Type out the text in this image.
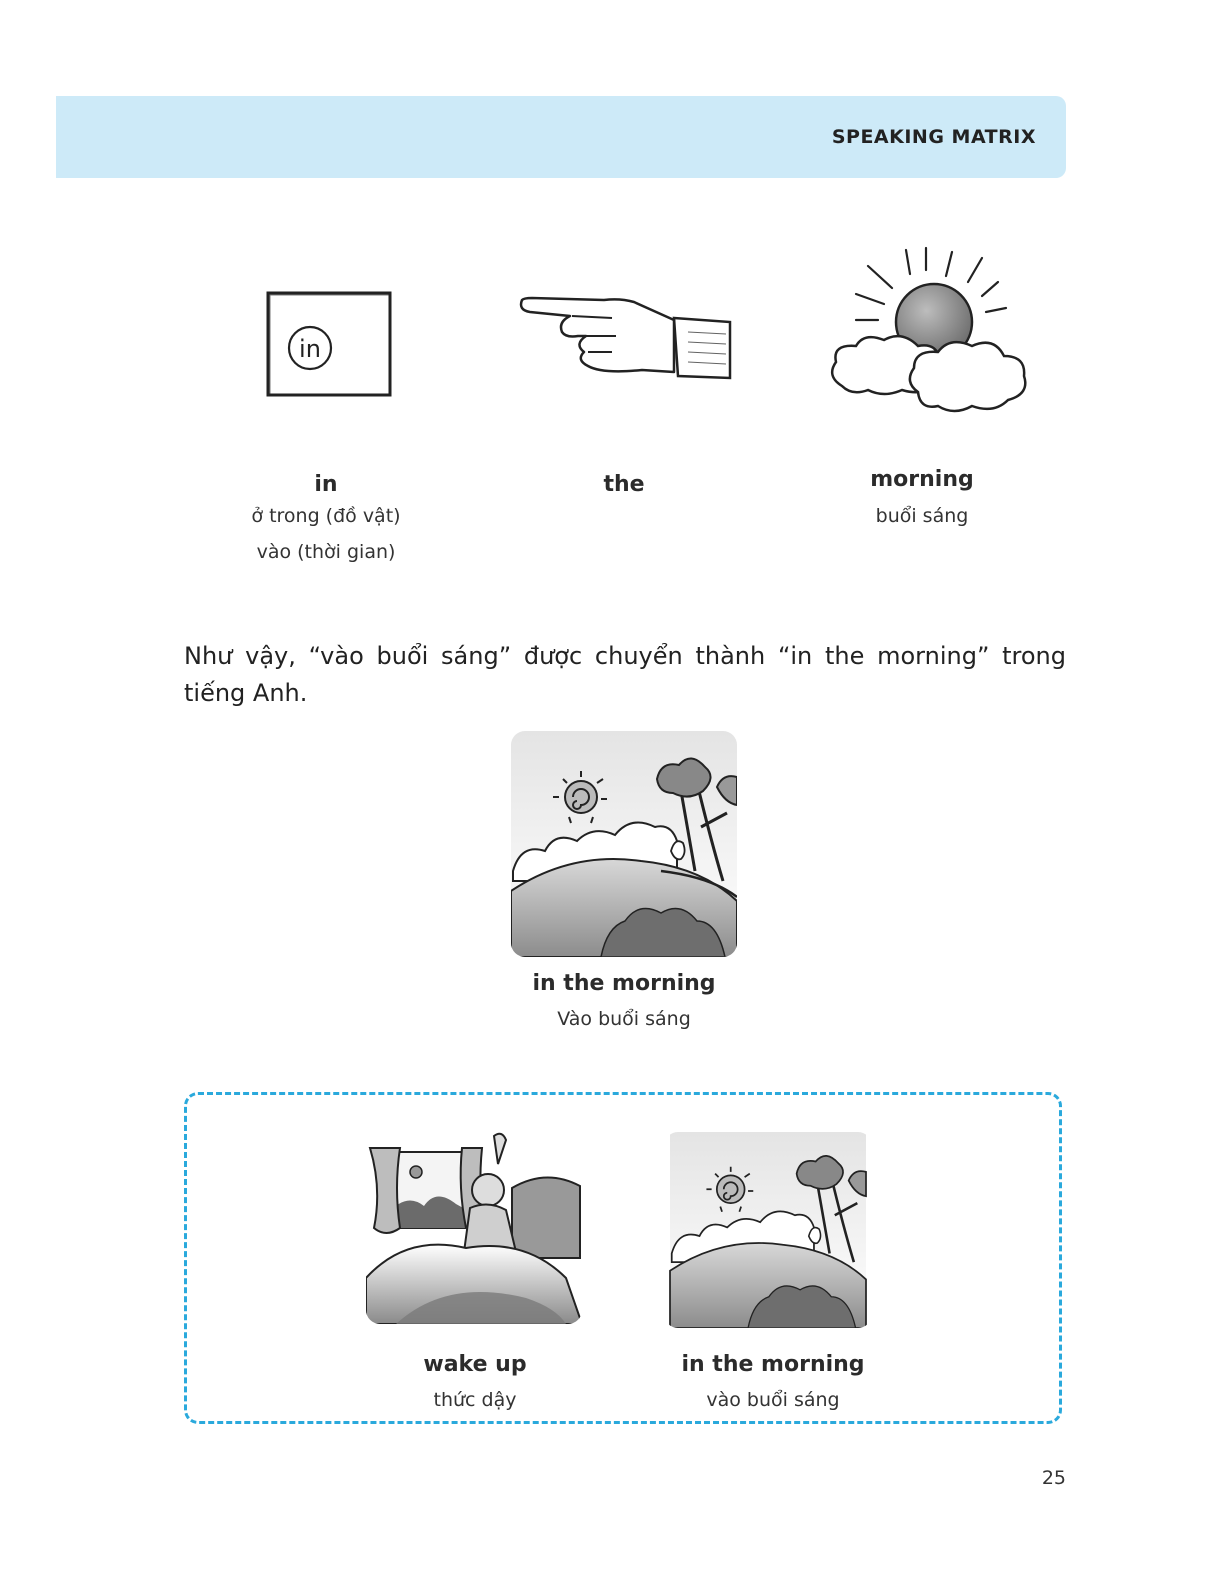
SPEAKING MATRIX
in
in
ở trong (đồ vật)
vào (thời gian)
the	morning
buổi sáng
Như vậy, “vào buổi sáng” được chuyển thành “in the morning” trong tiếng Anh.
in the morning
Vào buổi sáng
wake up
thức dậy
in the morning
vào buổi sáng
25
